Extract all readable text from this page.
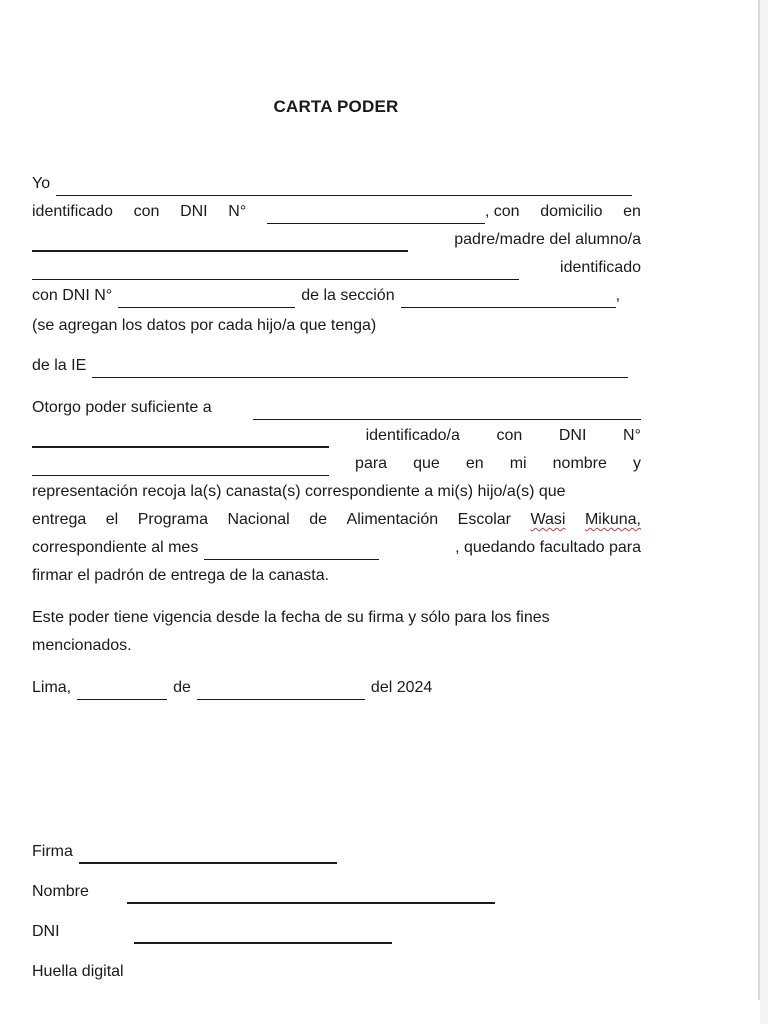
CARTA PODER
Yo
identificado con DNI N°	, con domicilio en
padre/madre del alumno/a
identificado
con DNI N°	de la sección	,
(se agregan los datos por cada hijo/a que tenga)
de la IE
Otorgo poder suficiente a
identificado/a con DNI N°
para que en mi nombre y
representación recoja la(s) canasta(s) correspondiente a mi(s) hijo/a(s) que
entrega el Programa Nacional de Alimentación Escolar Wasi Mikuna,
correspondiente al mes	, quedando facultado para
firmar el padrón de entrega de la canasta.
Este poder tiene vigencia desde la fecha de su firma y sólo para los fines
mencionados.
Lima,	de	del 2024
Firma
Nombre
DNI
Huella digital
